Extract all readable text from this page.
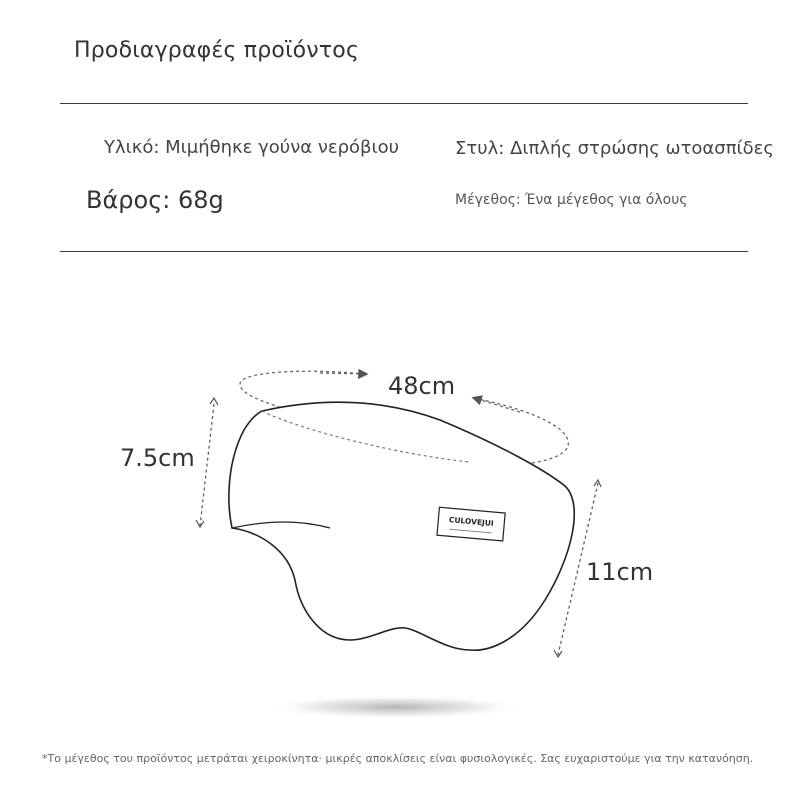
Προδιαγραφές προϊόντος
Υλικό: Μιμήθηκε γούνα νερόβιου	Στυλ: Διπλής στρώσης ωτοασπίδες
Βάρος: 68g	Μέγεθος: Ένα μέγεθος για όλους
CULOVEJUI
48cm
7.5cm
11cm
*Το μέγεθος του προϊόντος μετράται χειροκίνητα· μικρές αποκλίσεις είναι φυσιολογικές. Σας ευχαριστούμε για την κατανόηση.
